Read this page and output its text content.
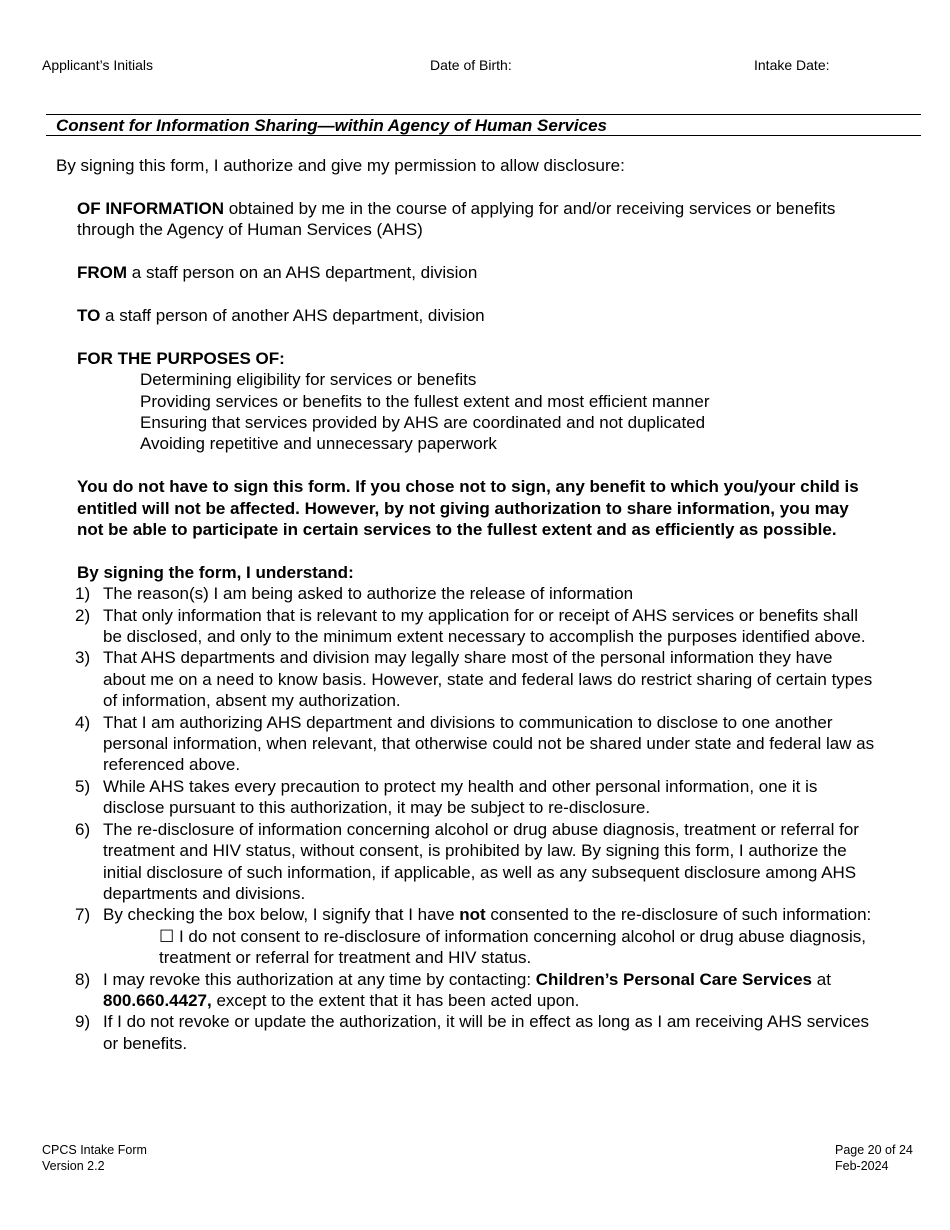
Applicant’s Initials	Date of Birth:	Intake Date:
Consent for Information Sharing—within Agency of Human Services
By signing this form, I authorize and give my permission to allow disclosure:

OF INFORMATION obtained by me in the course of applying for and/or receiving services or benefits through the Agency of Human Services (AHS)

FROM a staff person on an AHS department, division

TO a staff person of another AHS department, division

FOR THE PURPOSES OF:

Determining eligibility for services or benefits

Providing services or benefits to the fullest extent and most efficient manner

Ensuring that services provided by AHS are coordinated and not duplicated

Avoiding repetitive and unnecessary paperwork

You do not have to sign this form. If you chose not to sign, any benefit to which you/your child is entitled will not be affected. However, by not giving authorization to share information, you may not be able to participate in certain services to the fullest extent and as efficiently as possible.

By signing the form, I understand:

1) The reason(s) I am being asked to authorize the release of information
2) That only information that is relevant to my application for or receipt of AHS services or benefits shall be disclosed, and only to the minimum extent necessary to accomplish the purposes identified above.
3) That AHS departments and division may legally share most of the personal information they have about me on a need to know basis. However, state and federal laws do restrict sharing of certain types of information, absent my authorization.
4) That I am authorizing AHS department and divisions to communication to disclose to one another personal information, when relevant, that otherwise could not be shared under state and federal law as referenced above.
5) While AHS takes every precaution to protect my health and other personal information, one it is disclose pursuant to this authorization, it may be subject to re-disclosure.
6) The re-disclosure of information concerning alcohol or drug abuse diagnosis, treatment or referral for treatment and HIV status, without consent, is prohibited by law. By signing this form, I authorize the initial disclosure of such information, if applicable, as well as any subsequent disclosure among AHS departments and divisions.
7) By checking the box below, I signify that I have not consented to the re-disclosure of such information:
☐ I do not consent to re-disclosure of information concerning alcohol or drug abuse diagnosis, treatment or referral for treatment and HIV status.
8) I may revoke this authorization at any time by contacting: Children’s Personal Care Services at 800.660.4427, except to the extent that it has been acted upon.
9) If I do not revoke or update the authorization, it will be in effect as long as I am receiving AHS services or benefits.
CPCS Intake Form
Version 2.2
Page 20 of 24
Feb-2024
